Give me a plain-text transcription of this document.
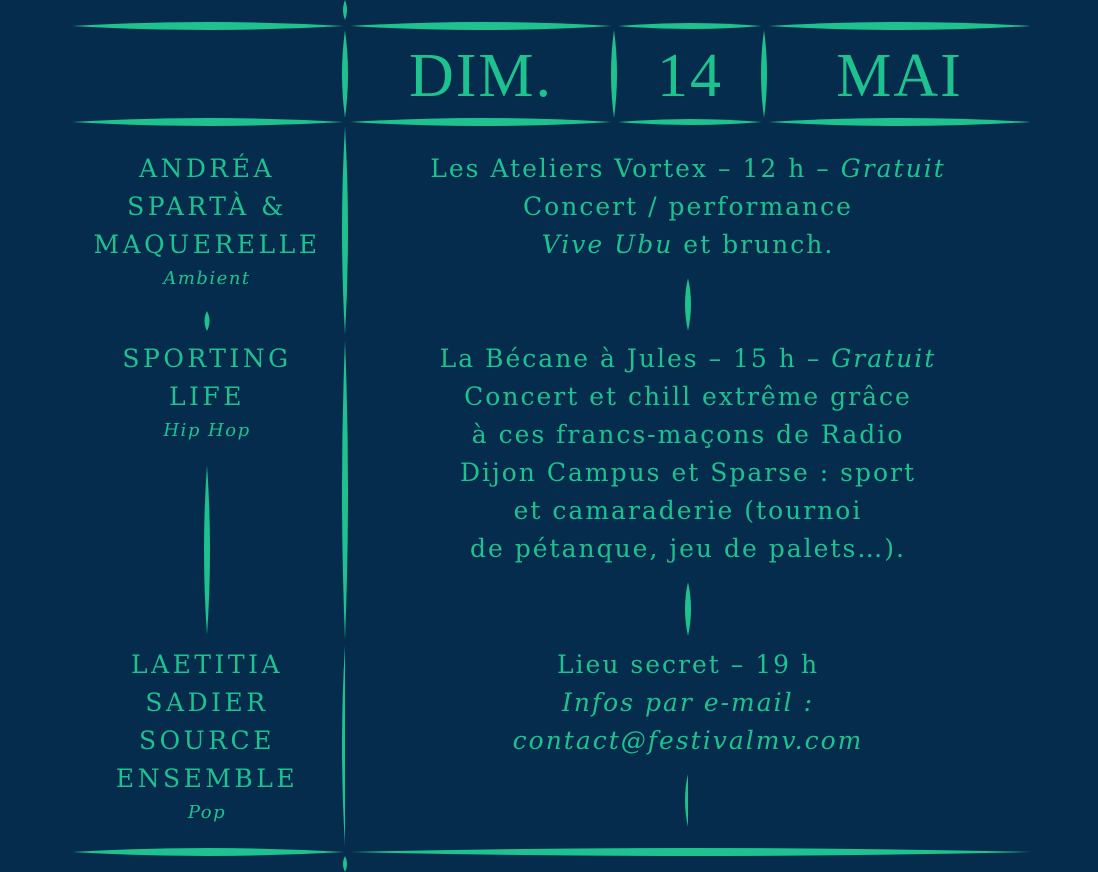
DIM.	14	MAI
ANDRÉA
SPARTÀ &
MAQUERELLE
Ambient
SPORTING
LIFE
Hip Hop
LAETITIA
SADIER
SOURCE
ENSEMBLE
Pop
Les Ateliers Vortex – 12 h – Gratuit
Concert / performance
Vive Ubu et brunch.
La Bécane à Jules – 15 h – Gratuit
Concert et chill extrême grâce
à ces francs-maçons de Radio
Dijon Campus et Sparse : sport
et camaraderie (tournoi
de pétanque, jeu de palets…).
Lieu secret – 19 h
Infos par e-mail :
contact@festivalmv.com
